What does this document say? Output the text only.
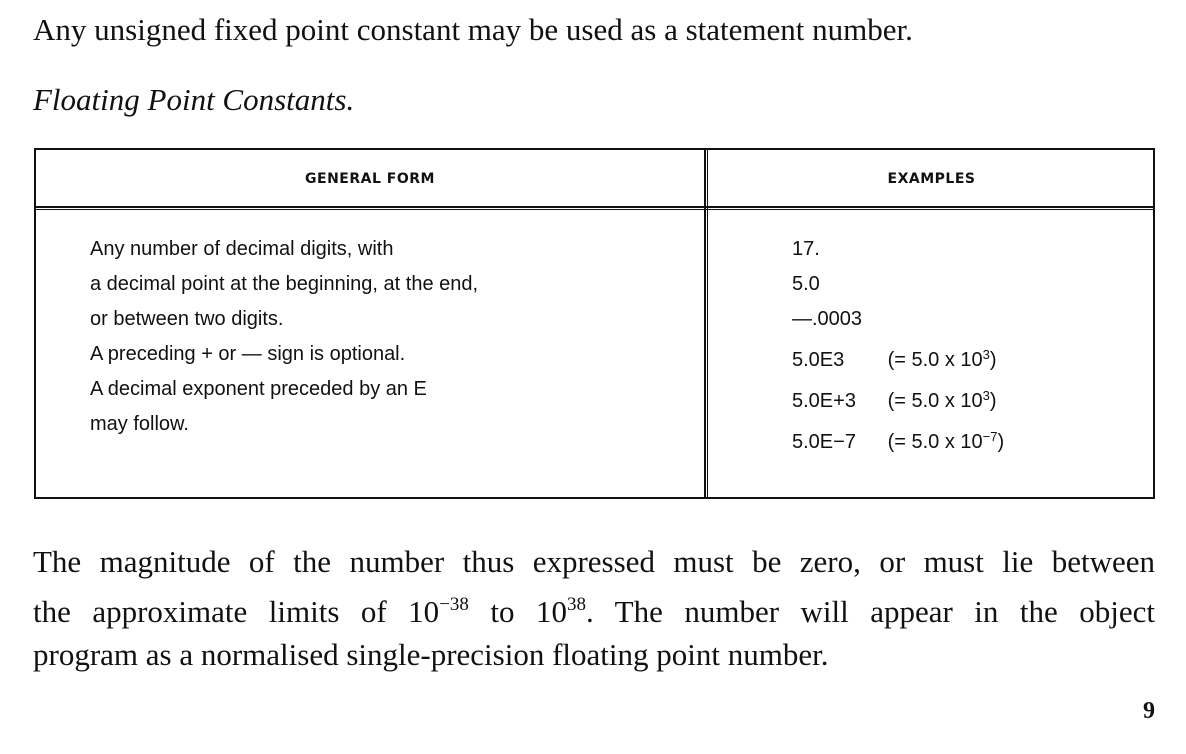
Any unsigned fixed point constant may be used as a statement number.
Floating Point Constants.
GENERAL FORM	EXAMPLES
Any number of decimal digits, with
a decimal point at the beginning, at the end,
or between two digits.
A preceding + or — sign is optional.
A decimal exponent preceded by an E
may follow.
17.
5.0
—.0003
5.0E3 (= 5.0 x $10^3$)
5.0E+3 (= 5.0 x $10^3$)
5.0E−7 (= 5.0 x $10^{-7}$)
The magnitude of the number thus expressed must be zero, or must lie between
the approximate limits of $10^{-38}$ to $10^{38}$. The number will appear in the object
program as a normalised single-precision floating point number.
9
